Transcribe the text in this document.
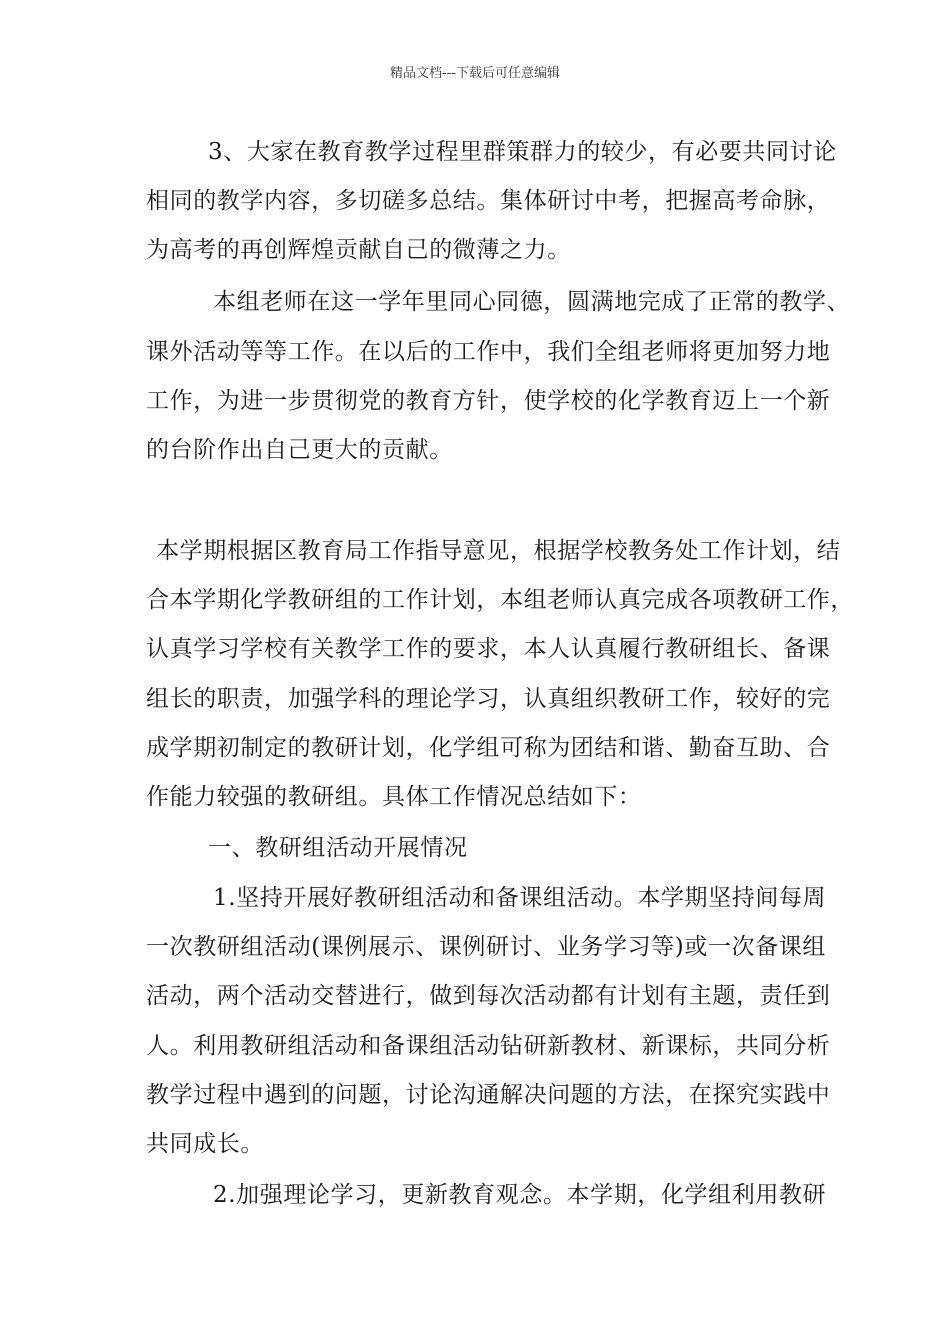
精品文档---下载后可任意编辑
3、大家在教育教学过程里群策群力的较少，有必要共同讨论
相同的教学内容，多切磋多总结。集体研讨中考，把握高考命脉，
为高考的再创辉煌贡献自己的微薄之力。
本组老师在这一学年里同心同德，圆满地完成了正常的教学、
课外活动等等工作。在以后的工作中，我们全组老师将更加努力地
工作，为进一步贯彻党的教育方针，使学校的化学教育迈上一个新
的台阶作出自己更大的贡献。
本学期根据区教育局工作指导意见，根据学校教务处工作计划，结
合本学期化学教研组的工作计划，本组老师认真完成各项教研工作，
认真学习学校有关教学工作的要求，本人认真履行教研组长、备课
组长的职责，加强学科的理论学习，认真组织教研工作，较好的完
成学期初制定的教研计划，化学组可称为团结和谐、勤奋互助、合
作能力较强的教研组。具体工作情况总结如下：
一、教研组活动开展情况
1.坚持开展好教研组活动和备课组活动。本学期坚持间每周
一次教研组活动(课例展示、课例研讨、业务学习等)或一次备课组
活动，两个活动交替进行，做到每次活动都有计划有主题，责任到
人。利用教研组活动和备课组活动钻研新教材、新课标，共同分析
教学过程中遇到的问题，讨论沟通解决问题的方法，在探究实践中
共同成长。
2.加强理论学习，更新教育观念。本学期，化学组利用教研
